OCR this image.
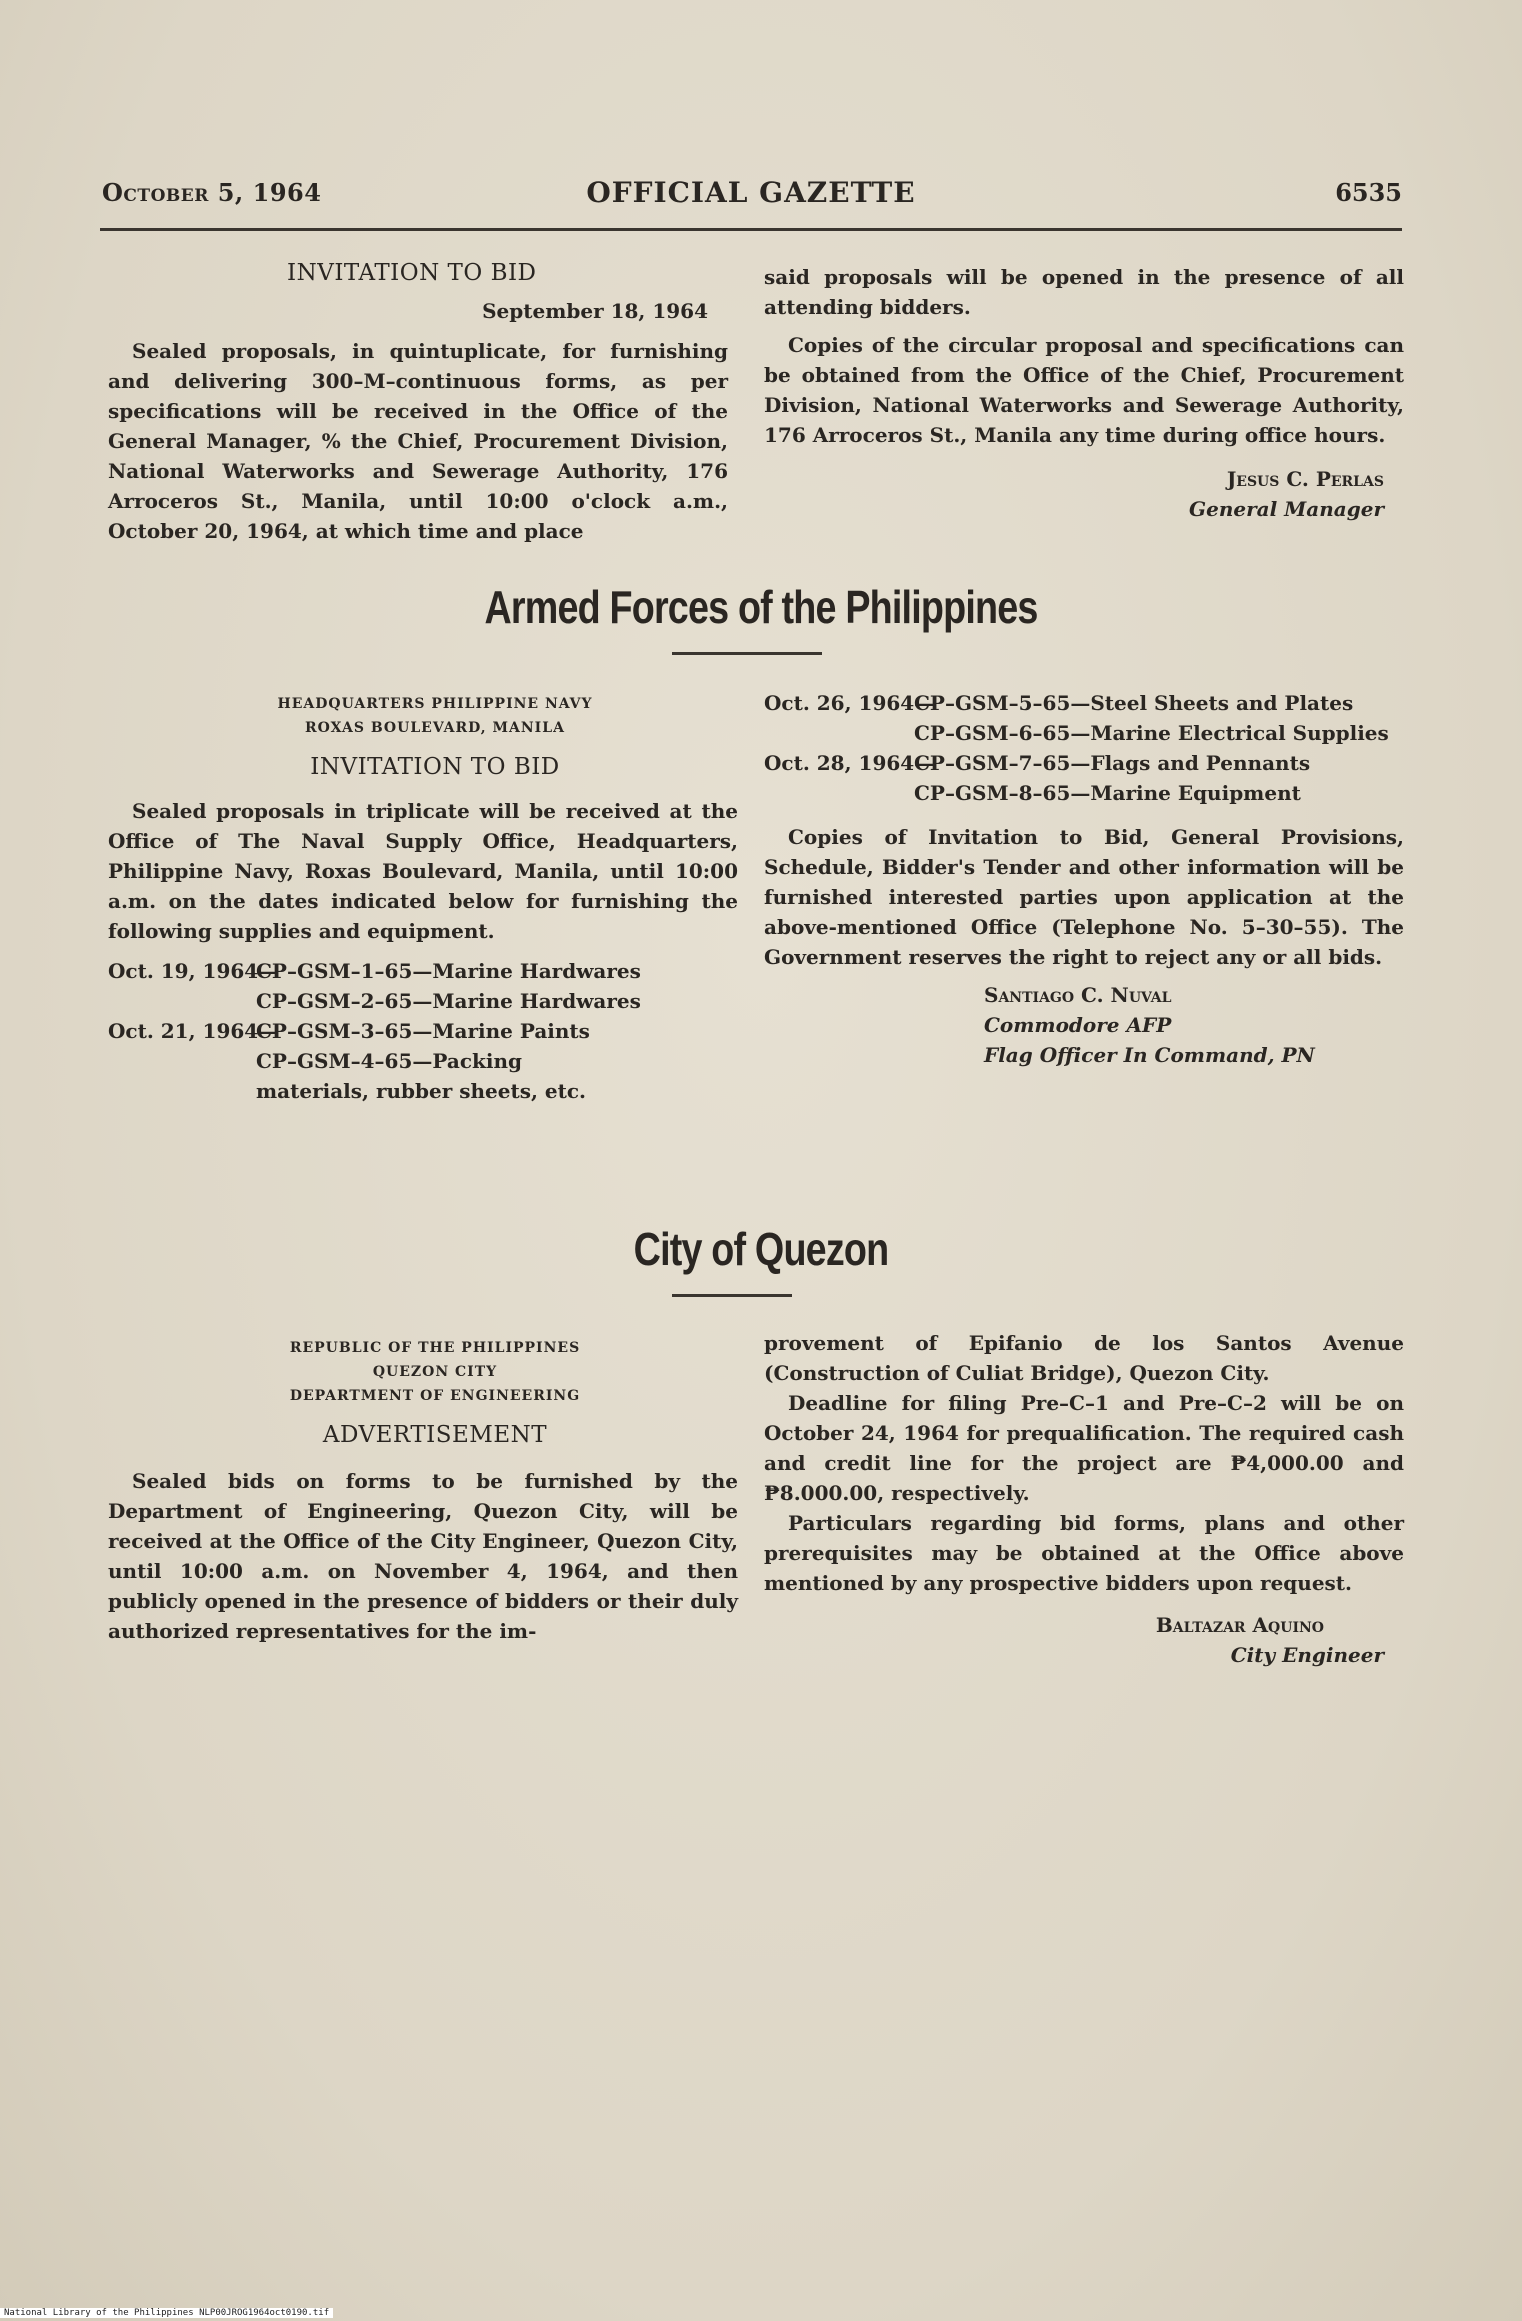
October 5, 1964	OFFICIAL GAZETTE	6535

INVITATION TO BID

September 18, 1964

Sealed proposals, in quintuplicate, for furnishing and delivering 300–M–continuous forms, as per specifications will be received in the Office of the General Manager, % the Chief, Procurement Division, National Waterworks and Sewerage Authority, 176 Arroceros St., Manila, until 10:00 o'clock a.m., October 20, 1964, at which time and place

said proposals will be opened in the presence of all attending bidders.

Copies of the circular proposal and specifications can be obtained from the Office of the Chief, Procurement Division, National Waterworks and Sewerage Authority, 176 Arroceros St., Manila any time during office hours.

Jesus C. Perlas
General Manager
Armed Forces of the Philippines

HEADQUARTERS PHILIPPINE NAVY

ROXAS BOULEVARD, MANILA

INVITATION TO BID

Sealed proposals in triplicate will be received at the Office of The Naval Supply Office, Headquarters, Philippine Navy, Roxas Boulevard, Manila, until 10:00 a.m. on the dates indicated below for furnishing the following supplies and equipment.

Oct. 19, 1964—
CP–GSM–1–65—Marine Hardwares
CP–GSM–2–65—Marine Hardwares
Oct. 21, 1964—
CP–GSM–3–65—Marine Paints
CP–GSM–4–65—Packing materials, rubber sheets, etc.
Oct. 26, 1964—
CP–GSM–5–65—Steel Sheets and Plates
CP–GSM–6–65—Marine Electrical Supplies
Oct. 28, 1964—
CP–GSM–7–65—Flags and Pennants
CP–GSM–8–65—Marine Equipment

Copies of Invitation to Bid, General Provisions, Schedule, Bidder's Tender and other information will be furnished interested parties upon application at the above-mentioned Office (Telephone No. 5–30–55). The Government reserves the right to reject any or all bids.

Santiago C. Nuval
Commodore AFP
Flag Officer In Command, PN
City of Quezon

REPUBLIC OF THE PHILIPPINES

QUEZON CITY

DEPARTMENT OF ENGINEERING

ADVERTISEMENT

Sealed bids on forms to be furnished by the Department of Engineering, Quezon City, will be received at the Office of the City Engineer, Quezon City, until 10:00 a.m. on November 4, 1964, and then publicly opened in the presence of bidders or their duly authorized representatives for the im-

provement of Epifanio de los Santos Avenue (Construction of Culiat Bridge), Quezon City.

Deadline for filing Pre–C–1 and Pre–C–2 will be on October 24, 1964 for prequalification. The required cash and credit line for the project are ₱4,000.00 and ₱8.000.00, respectively.

Particulars regarding bid forms, plans and other prerequisites may be obtained at the Office above mentioned by any prospective bidders upon request.

Baltazar Aquino
City Engineer
National Library of the Philippines NLP00JROG1964oct0190.tif
